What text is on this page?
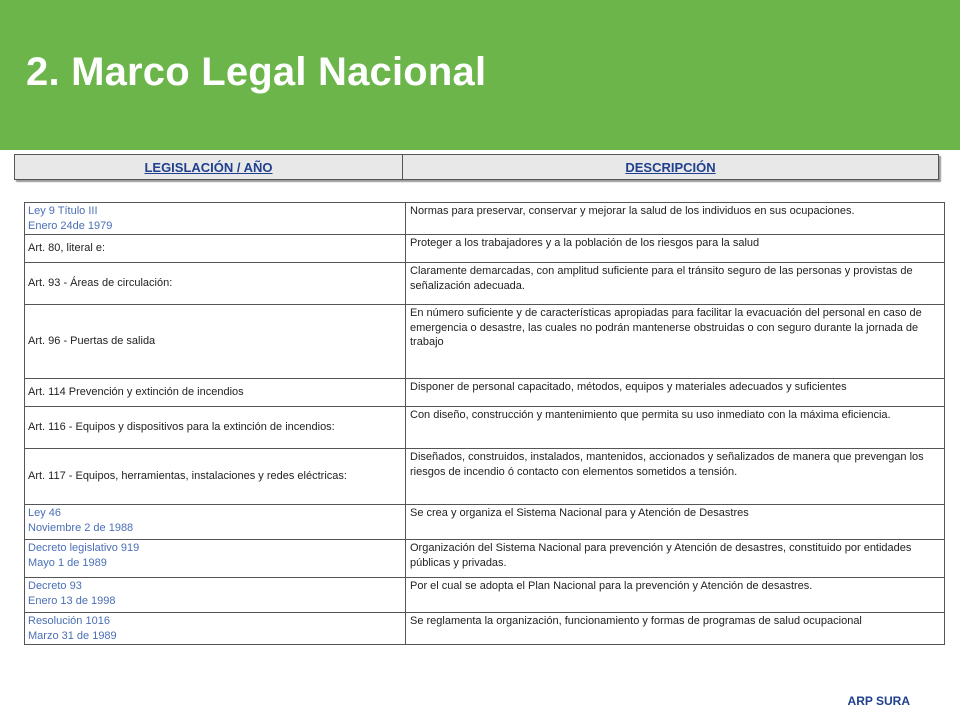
2. Marco Legal Nacional
LEGISLACIÓN / AÑO	DESCRIPCIÓN
Ley 9 Título III
Enero 24de 1979	Normas para preservar, conservar y mejorar la salud de los individuos en sus ocupaciones.

Art. 80, literal e:	Proteger a los trabajadores y a la población de los riesgos para la salud

Art. 93 - Áreas de circulación:	Claramente demarcadas, con amplitud suficiente para el tránsito seguro de las personas y provistas de señalización adecuada.

Art. 96 - Puertas de salida	En número suficiente y de características apropiadas para facilitar la evacuación del personal en caso de emergencia o desastre, las cuales no podrán mantenerse obstruidas o con seguro durante la jornada de trabajo

Art. 114 Prevención y extinción de incendios	Disponer de personal capacitado, métodos, equipos y materiales adecuados y suficientes

Art. 116 - Equipos y dispositivos para la extinción de incendios:	Con diseño, construcción y mantenimiento que permita su uso inmediato con la máxima eficiencia.

Art. 117 - Equipos, herramientas, instalaciones y redes eléctricas:	Diseñados, construidos, instalados, mantenidos, accionados y señalizados de manera que prevengan los riesgos de incendio ó contacto con elementos sometidos a tensión.

Ley 46
Noviembre 2 de 1988	Se crea y organiza el Sistema Nacional para y Atención de Desastres

Decreto legislativo 919
Mayo 1 de 1989	Organización del Sistema Nacional para prevención y Atención de desastres, constituido por entidades públicas y privadas.

Decreto 93
Enero 13 de 1998	Por el cual se adopta el Plan Nacional para la prevención y Atención de desastres.

Resolución 1016
Marzo 31 de 1989	Se reglamenta la organización, funcionamiento y formas de programas de salud ocupacional
ARP SURA
